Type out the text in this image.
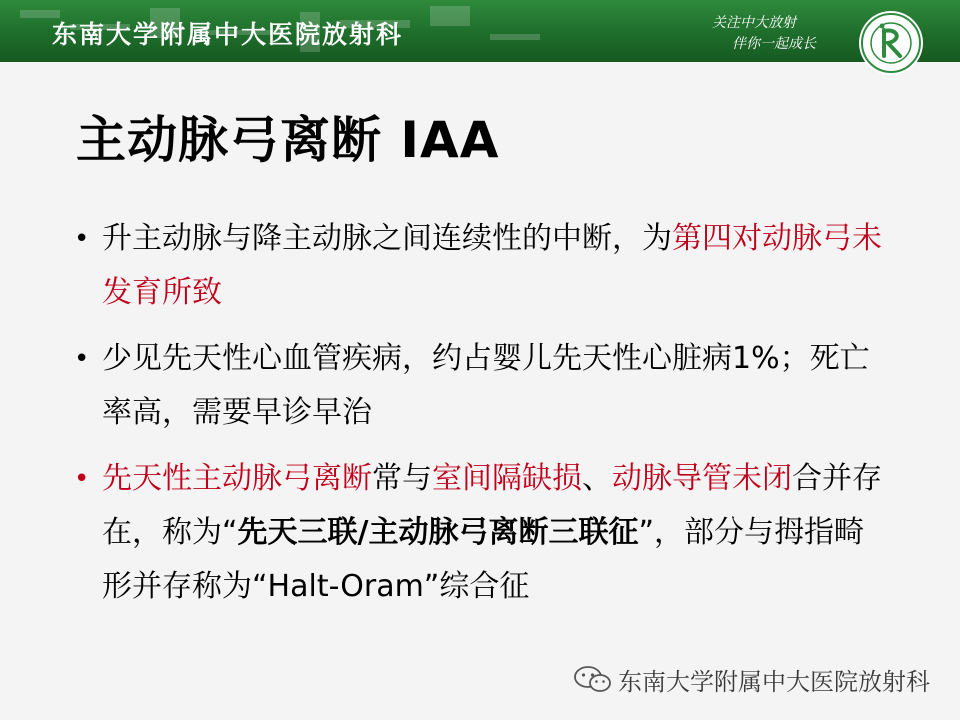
东南大学附属中大医院放射科	关注中大放射
伴你一起成长
主动脉弓离断 IAA
• 升主动脉与降主动脉之间连续性的中断，为第四对动脉弓未发育所致
• 少见先天性心血管疾病，约占婴儿先天性心脏病1%；死亡率高，需要早诊早治
• 先天性主动脉弓离断常与室间隔缺损、动脉导管未闭合并存在，称为“先天三联/主动脉弓离断三联征”，部分与拇指畸形并存称为“Halt-Oram”综合征
东南大学附属中大医院放射科
